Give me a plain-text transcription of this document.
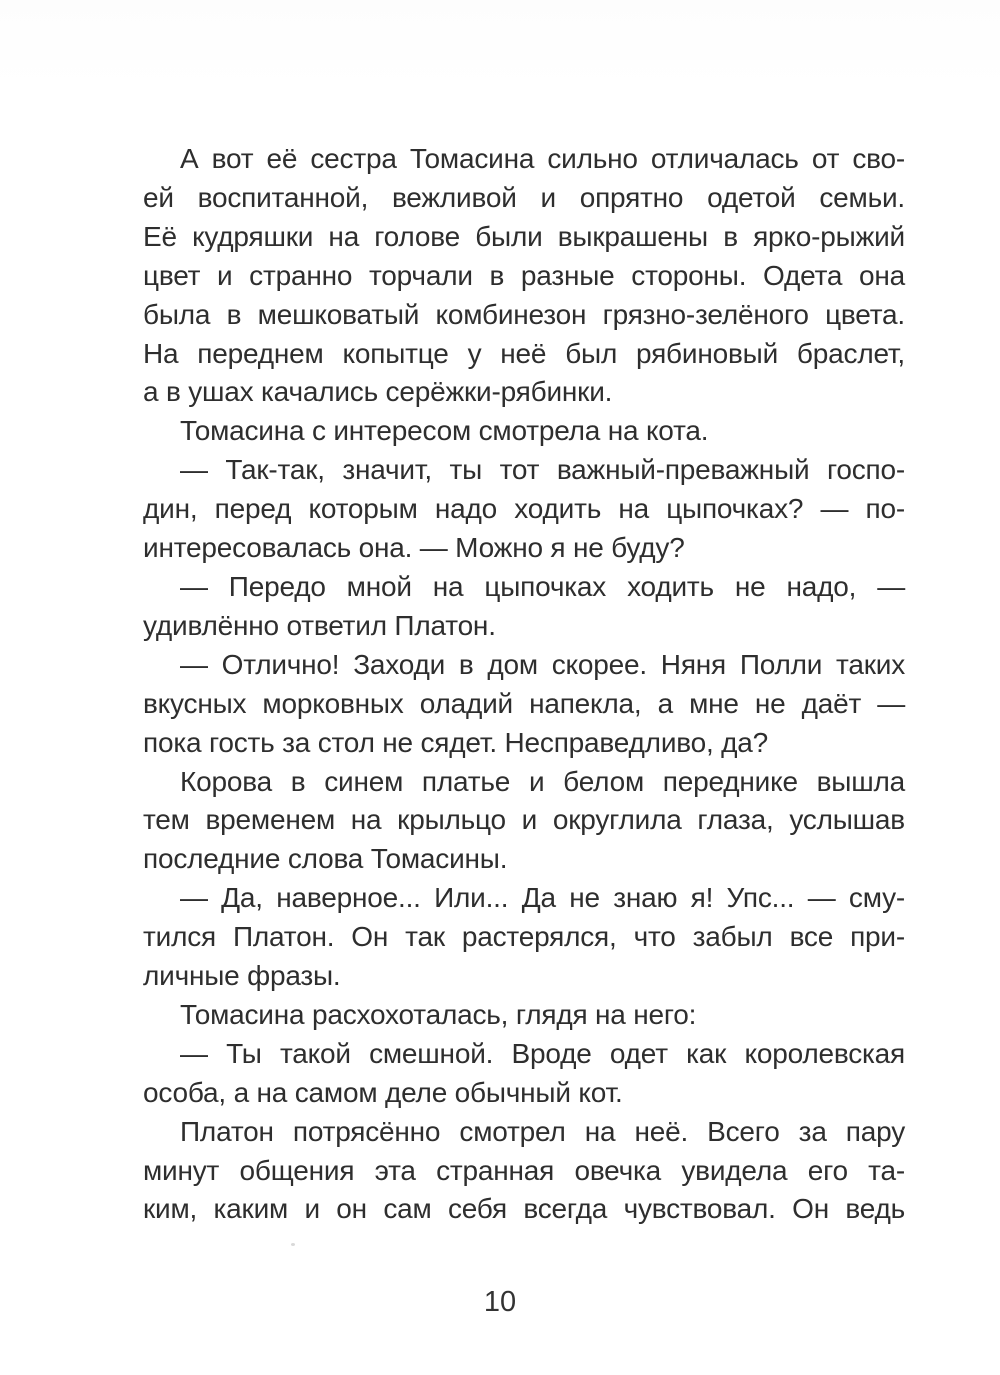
А вот её сестра Томасина сильно отличалась от сво-
ей воспитанной, вежливой и опрятно одетой семьи.
Её кудряшки на голове были выкрашены в ярко-рыжий
цвет и странно торчали в разные стороны. Одета она
была в мешковатый комбинезон грязно-зелёного цвета.
На переднем копытце у неё был рябиновый браслет,
а в ушах качались серёжки-рябинки.
Томасина с интересом смотрела на кота.
— Так-так, значит, ты тот важный-преважный госпо-
дин, перед которым надо ходить на цыпочках? — по-
интересовалась она. — Можно я не буду?
— Передо мной на цыпочках ходить не надо, —
удивлённо ответил Платон.
— Отлично! Заходи в дом скорее. Няня Полли таких
вкусных морковных оладий напекла, а мне не даёт —
пока гость за стол не сядет. Несправедливо, да?
Корова в синем платье и белом переднике вышла
тем временем на крыльцо и округлила глаза, услышав
последние слова Томасины.
— Да, наверное... Или... Да не знаю я! Упс... — сму-
тился Платон. Он так растерялся, что забыл все при-
личные фразы.
Томасина расхохоталась, глядя на него:
— Ты такой смешной. Вроде одет как королевская
особа, а на самом деле обычный кот.
Платон потрясённо смотрел на неё. Всего за пару
минут общения эта странная овечка увидела его та-
ким, каким и он сам себя всегда чувствовал. Он ведь
10
